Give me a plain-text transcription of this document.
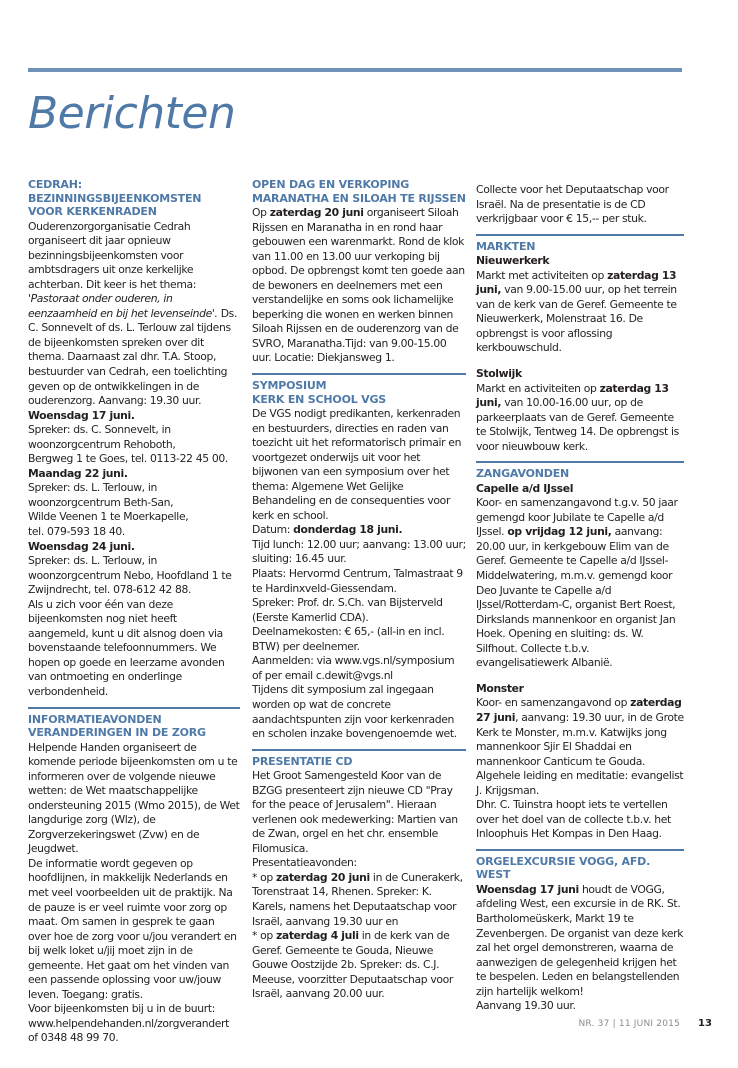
Berichten
CEDRAH:
BEZINNINGSBIJEENKOMSTEN
VOOR KERKENRADEN

Ouderenzorgorganisatie Cedrah organiseert dit jaar opnieuw bezinningsbijeenkomsten voor ambtsdragers uit onze kerkelijke achterban. Dit keer is het thema: 'Pastoraat onder ouderen, in eenzaamheid en bij het levenseinde'. Ds. C. Sonnevelt of ds. L. Terlouw zal tijdens de bijeenkomsten spreken over dit thema. Daarnaast zal dhr. T.A. Stoop, bestuurder van Cedrah, een toelichting geven op de ontwikkelingen in de ouderenzorg. Aanvang: 19.30 uur.

Woensdag 17 juni.

Spreker: ds. C. Sonnevelt, in woonzorgcentrum Rehoboth,

Bergweg 1 te Goes, tel. 0113-22 45 00.

Maandag 22 juni.

Spreker: ds. L. Terlouw, in woonzorgcentrum Beth-San,

Wilde Veenen 1 te Moerkapelle,

tel. 079-593 18 40.

Woensdag 24 juni.

Spreker: ds. L. Terlouw, in woonzorgcentrum Nebo, Hoofdland 1 te Zwijndrecht, tel. 078-612 42 88.

Als u zich voor één van deze bijeenkomsten nog niet heeft aangemeld, kunt u dit alsnog doen via bovenstaande telefoonnummers. We hopen op goede en leerzame avonden van ontmoeting en onderlinge verbondenheid.

INFORMATIEAVONDEN
VERANDERINGEN IN DE ZORG

Helpende Handen organiseert de komende periode bijeenkomsten om u te informeren over de volgende nieuwe wetten: de Wet maatschappelijke ondersteuning 2015 (Wmo 2015), de Wet langdurige zorg (Wlz), de Zorgverzekeringswet (Zvw) en de Jeugdwet.

De informatie wordt gegeven op hoofdlijnen, in makkelijk Nederlands en met veel voorbeelden uit de praktijk. Na de pauze is er veel ruimte voor zorg op maat. Om samen in gesprek te gaan over hoe de zorg voor u/jou verandert en bij welk loket u/jij moet zijn in de gemeente. Het gaat om het vinden van een passende oplossing voor uw/jouw leven. Toegang: gratis.

Voor bijeenkomsten bij u in de buurt: www.helpendehanden.nl/zorgverandert of 0348 48 99 70.

OPEN DAG EN VERKOPING
MARANATHA EN SILOAH TE RIJSSEN

Op zaterdag 20 juni organiseert Siloah Rijssen en Maranatha in en rond haar gebouwen een warenmarkt. Rond de klok van 11.00 en 13.00 uur verkoping bij opbod. De opbrengst komt ten goede aan de bewoners en deelnemers met een verstandelijke en soms ook lichamelijke beperking die wonen en werken binnen Siloah Rijssen en de ouderenzorg van de SVRO, Maranatha.Tijd: van 9.00-15.00 uur. Locatie: Diekjansweg 1.

SYMPOSIUM
KERK EN SCHOOL VGS

De VGS nodigt predikanten, kerkenraden en bestuurders, directies en raden van toezicht uit het reformatorisch primair en voortgezet onderwijs uit voor het bijwonen van een symposium over het thema: Algemene Wet Gelijke Behandeling en de consequenties voor kerk en school.

Datum: donderdag 18 juni.

Tijd lunch: 12.00 uur; aanvang: 13.00 uur; sluiting: 16.45 uur.

Plaats: Hervormd Centrum, Talmastraat 9 te Hardinxveld-Giessendam.

Spreker: Prof. dr. S.Ch. van Bijsterveld (Eerste Kamerlid CDA).

Deelnamekosten: € 65,- (all-in en incl. BTW) per deelnemer.

Aanmelden: via www.vgs.nl/symposium of per email c.dewit@vgs.nl

Tijdens dit symposium zal ingegaan worden op wat de concrete aandachtspunten zijn voor kerkenraden en scholen inzake bovengenoemde wet.

PRESENTATIE CD

Het Groot Samengesteld Koor van de BZGG presenteert zijn nieuwe CD "Pray for the peace of Jerusalem". Hieraan verlenen ook medewerking: Martien van de Zwan, orgel en het chr. ensemble Filomusica.

Presentatieavonden:

* op zaterdag 20 juni in de Cunerakerk, Torenstraat 14, Rhenen. Spreker: K. Karels, namens het Deputaatschap voor Israël, aanvang 19.30 uur en

* op zaterdag 4 juli in de kerk van de Geref. Gemeente te Gouda, Nieuwe Gouwe Oostzijde 2b. Spreker: ds. C.J. Meeuse, voorzitter Deputaatschap voor Israël, aanvang 20.00 uur.

Collecte voor het Deputaatschap voor Israël. Na de presentatie is de CD verkrijgbaar voor € 15,-- per stuk.

MARKTEN

Nieuwerkerk

Markt met activiteiten op zaterdag 13 juni, van 9.00-15.00 uur, op het terrein van de kerk van de Geref. Gemeente te Nieuwerkerk, Molenstraat 16. De opbrengst is voor aflossing kerkbouwschuld.

Stolwijk

Markt en activiteiten op zaterdag 13 juni, van 10.00-16.00 uur, op de parkeerplaats van de Geref. Gemeente te Stolwijk, Tentweg 14. De opbrengst is voor nieuwbouw kerk.

ZANGAVONDEN

Capelle a/d IJssel

Koor- en samenzangavond t.g.v. 50 jaar gemengd koor Jubilate te Capelle a/d IJssel. op vrijdag 12 juni, aanvang: 20.00 uur, in kerkgebouw Elim van de Geref. Gemeente te Capelle a/d IJssel-Middelwatering, m.m.v. gemengd koor Deo Juvante te Capelle a/d IJssel/Rotterdam-C, organist Bert Roest, Dirkslands mannenkoor en organist Jan Hoek. Opening en sluiting: ds. W. Silfhout. Collecte t.b.v. evangelisatiewerk Albanië.

Monster

Koor- en samenzangavond op zaterdag 27 juni, aanvang: 19.30 uur, in de Grote Kerk te Monster, m.m.v. Katwijks jong mannenkoor Sjir El Shaddai en mannenkoor Canticum te Gouda. Algehele leiding en meditatie: evangelist J. Krijgsman.

Dhr. C. Tuinstra hoopt iets te vertellen over het doel van de collecte t.b.v. het Inloophuis Het Kompas in Den Haag.

ORGELEXCURSIE VOGG, AFD. WEST

Woensdag 17 juni houdt de VOGG, afdeling West, een excursie in de RK. St. Bartholomeüskerk, Markt 19 te Zevenbergen. De organist van deze kerk zal het orgel demonstreren, waarna de aanwezigen de gelegenheid krijgen het te bespelen. Leden en belangstellenden zijn hartelijk welkom!

Aanvang 19.30 uur.

NR. 37 | 11 JUNI 2015 13
